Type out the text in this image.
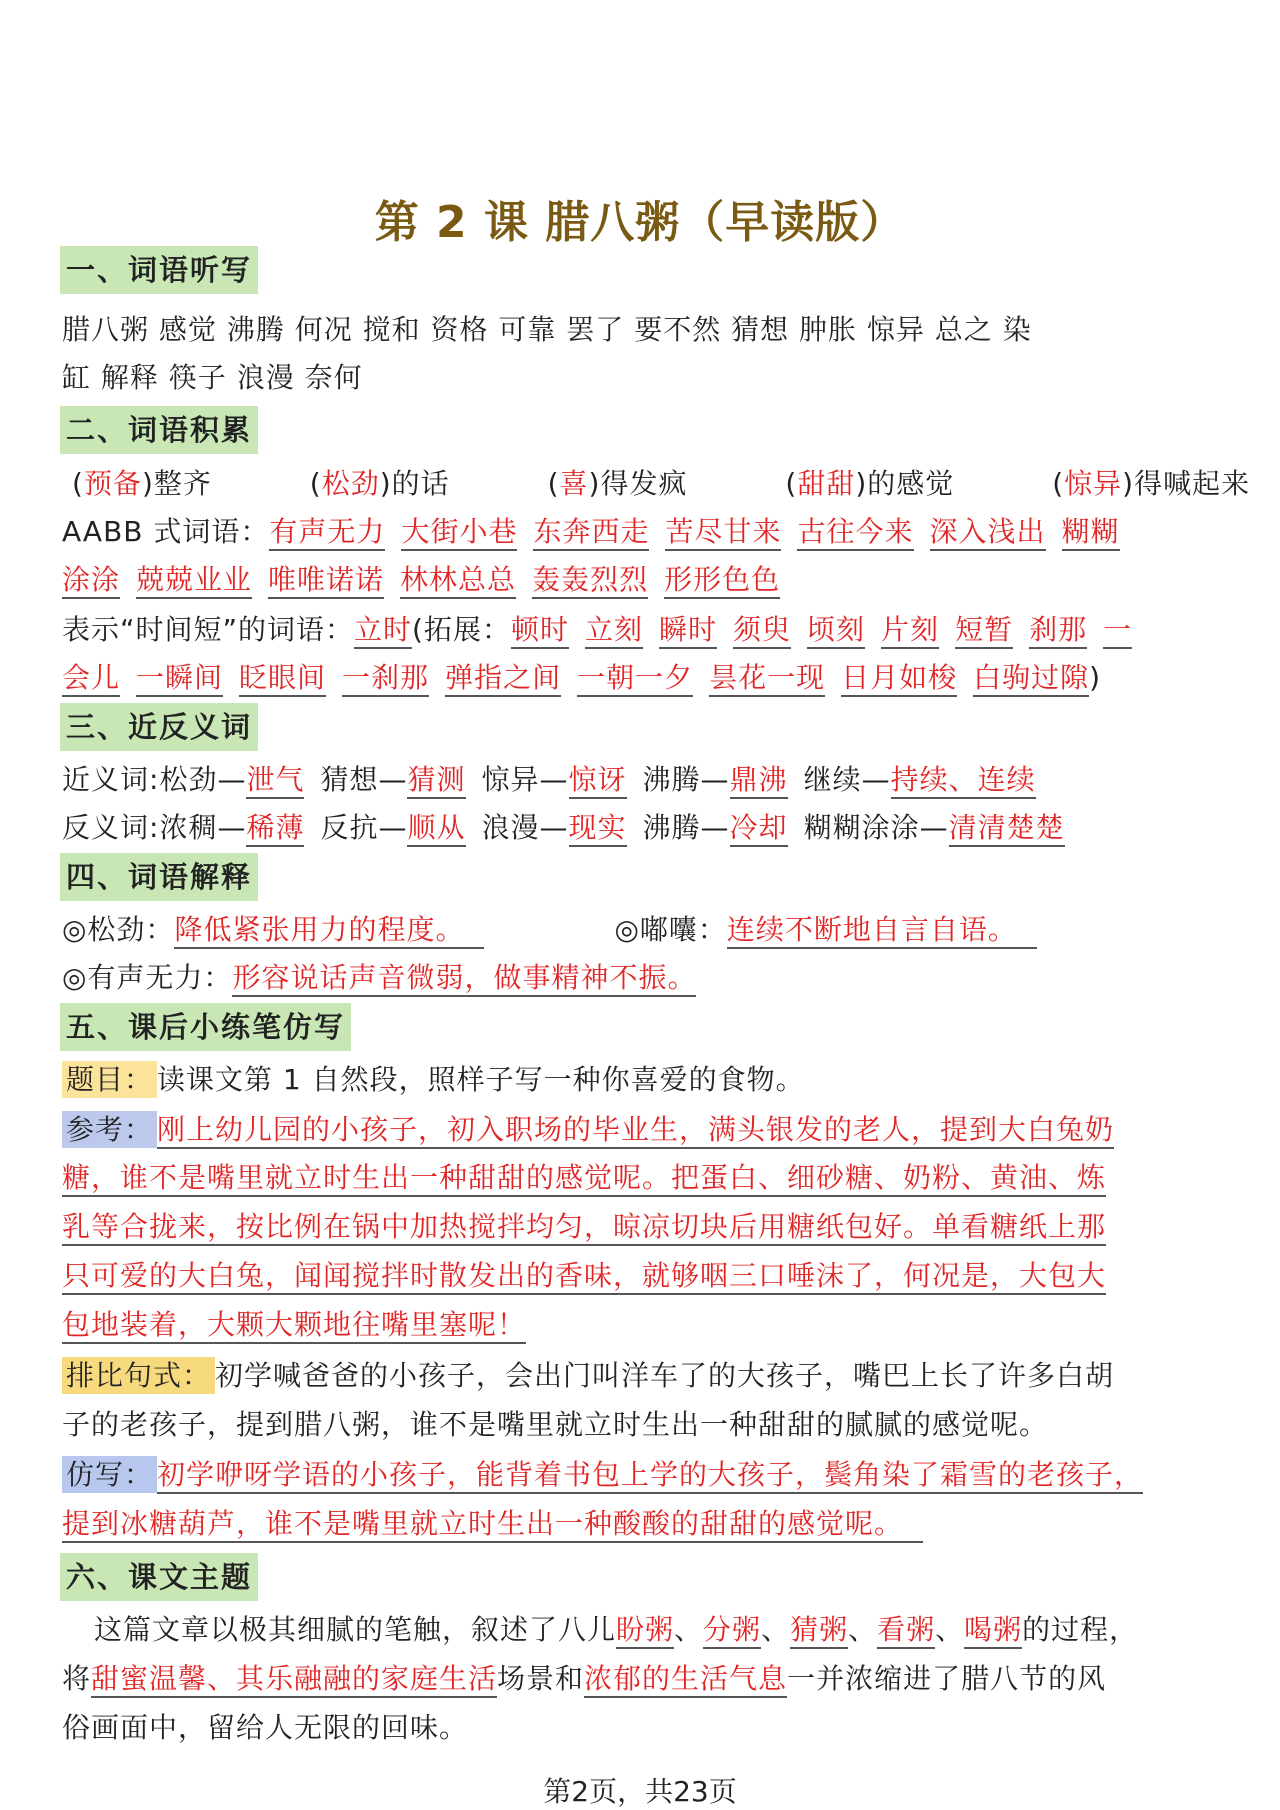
第 2 课 腊八粥（早读版）
一、词语听写
腊八粥 感觉 沸腾 何况 搅和 资格 可靠 罢了 要不然 猜想 肿胀 惊异 总之 染
缸 解释 筷子 浪漫 奈何
二、词语积累
(预备)整齐	(松劲)的话	(喜)得发疯	(甜甜)的感觉	(惊异)得喊起来
AABB 式词语：有声无力 大街小巷 东奔西走 苦尽甘来 古往今来 深入浅出 糊糊
涂涂 兢兢业业 唯唯诺诺 林林总总 轰轰烈烈 形形色色
表示“时间短”的词语：立时(拓展：顿时 立刻 瞬时 须臾 顷刻 片刻 短暂 刹那 一
会儿 一瞬间 眨眼间 一刹那 弹指之间 一朝一夕 昙花一现 日月如梭 白驹过隙)
三、近反义词
近义词:松劲—泄气 猜想—猜测 惊异—惊讶 沸腾—鼎沸 继续—持续、连续
反义词:浓稠—稀薄 反抗—顺从 浪漫—现实 沸腾—冷却 糊糊涂涂—清清楚楚
四、词语解释
◎松劲：降低紧张用力的程度。	◎嘟囔：连续不断地自言自语。
◎有声无力：形容说话声音微弱，做事精神不振。
五、课后小练笔仿写
题目： 读课文第 1 自然段，照样子写一种你喜爱的食物。
参考： 刚上幼儿园的小孩子，初入职场的毕业生，满头银发的老人，提到大白兔奶
糖，谁不是嘴里就立时生出一种甜甜的感觉呢。把蛋白、细砂糖、奶粉、黄油、炼
乳等合拢来，按比例在锅中加热搅拌均匀，晾凉切块后用糖纸包好。单看糖纸上那
只可爱的大白兔，闻闻搅拌时散发出的香味，就够咽三口唾沫了，何况是，大包大
包地装着，大颗大颗地往嘴里塞呢！
排比句式： 初学喊爸爸的小孩子，会出门叫洋车了的大孩子，嘴巴上长了许多白胡
子的老孩子，提到腊八粥，谁不是嘴里就立时生出一种甜甜的腻腻的感觉呢。
仿写： 初学咿呀学语的小孩子，能背着书包上学的大孩子，鬓角染了霜雪的老孩子，
提到冰糖葫芦，谁不是嘴里就立时生出一种酸酸的甜甜的感觉呢。
六、课文主题
这篇文章以极其细腻的笔触，叙述了八儿盼粥、分粥、猜粥、看粥、喝粥的过程，
将甜蜜温馨、其乐融融的家庭生活场景和浓郁的生活气息一并浓缩进了腊八节的风
俗画面中，留给人无限的回味。
第2页，共23页
